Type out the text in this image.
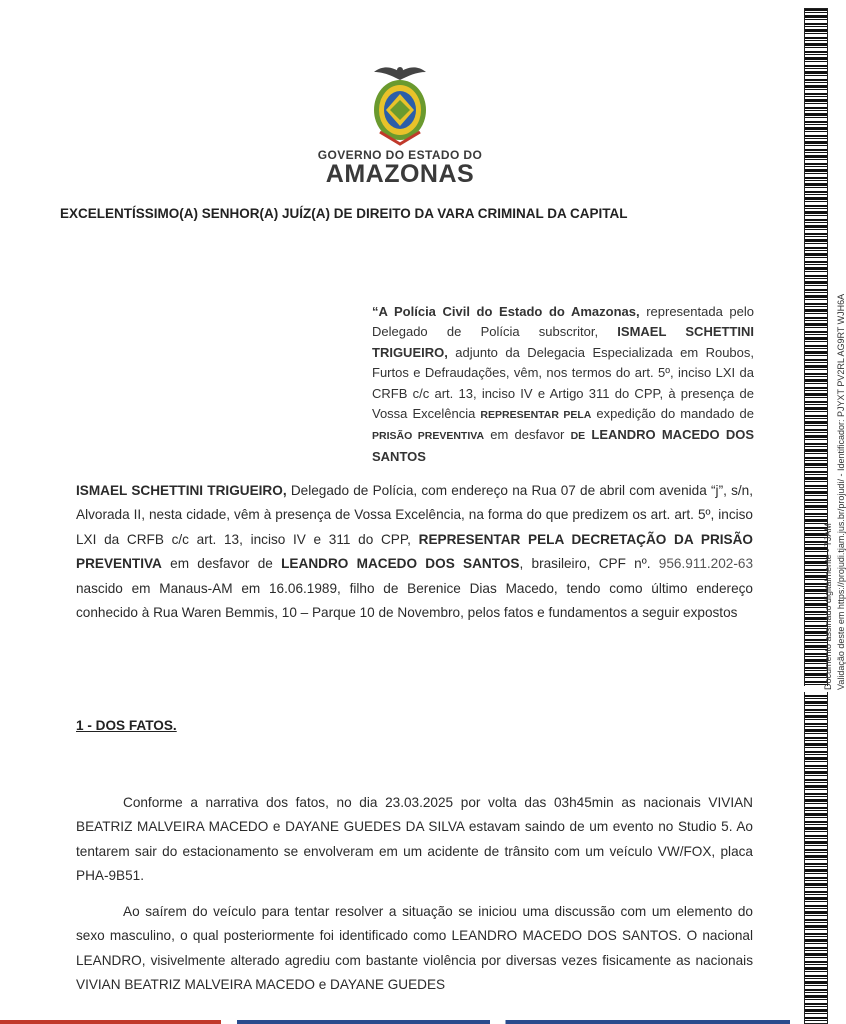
GOVERNO DO ESTADO DO
AMAZONAS
EXCELENTÍSSIMO(A) SENHOR(A) JUÍZ(A) DE DIREITO DA VARA CRIMINAL DA CAPITAL
“A Polícia Civil do Estado do Amazonas, representada pelo Delegado de Polícia subscritor, ISMAEL SCHETTINI TRIGUEIRO, adjunto da Delegacia Especializada em Roubos, Furtos e Defraudações, vêm, nos termos do art. 5º, inciso LXI da CRFB c/c art. 13, inciso IV e Artigo 311 do CPP, à presença de Vossa Excelência REPRESENTAR PELA expedição do mandado de PRISÃO PREVENTIVA em desfavor DE LEANDRO MACEDO DOS SANTOS
ISMAEL SCHETTINI TRIGUEIRO, Delegado de Polícia, com endereço na Rua 07 de abril com avenida “j”, s/n, Alvorada II, nesta cidade, vêm à presença de Vossa Excelência, na forma do que predizem os art. art. 5º, inciso LXI da CRFB c/c art. 13, inciso IV e 311 do CPP, REPRESENTAR PELA DECRETAÇÃO DA PRISÃO PREVENTIVA em desfavor de LEANDRO MACEDO DOS SANTOS, brasileiro, CPF nº. 956.911.202-63 nascido em Manaus-AM em 16.06.1989, filho de Berenice Dias Macedo, tendo como último endereço conhecido à Rua Waren Bemmis, 10 – Parque 10 de Novembro, pelos fatos e fundamentos a seguir expostos
1 - DOS FATOS.
Conforme a narrativa dos fatos, no dia 23.03.2025 por volta das 03h45min as nacionais VIVIAN BEATRIZ MALVEIRA MACEDO e DAYANE GUEDES DA SILVA estavam saindo de um evento no Studio 5. Ao tentarem sair do estacionamento se envolveram em um acidente de trânsito com um veículo VW/FOX, placa PHA-9B51.
Ao saírem do veículo para tentar resolver a situação se iniciou uma discussão com um elemento do sexo masculino, o qual posteriormente foi identificado como LEANDRO MACEDO DOS SANTOS. O nacional LEANDRO, visivelmente alterado agrediu com bastante violência por diversas vezes fisicamente as nacionais VIVIAN BEATRIZ MALVEIRA MACEDO e DAYANE GUEDES
Documento assinado digitalmente - TJAM Validação deste em https://projudi.tjam.jus.br/projudi/ - Identificador: PJYXT PV2RL AG9RT WJH6A
